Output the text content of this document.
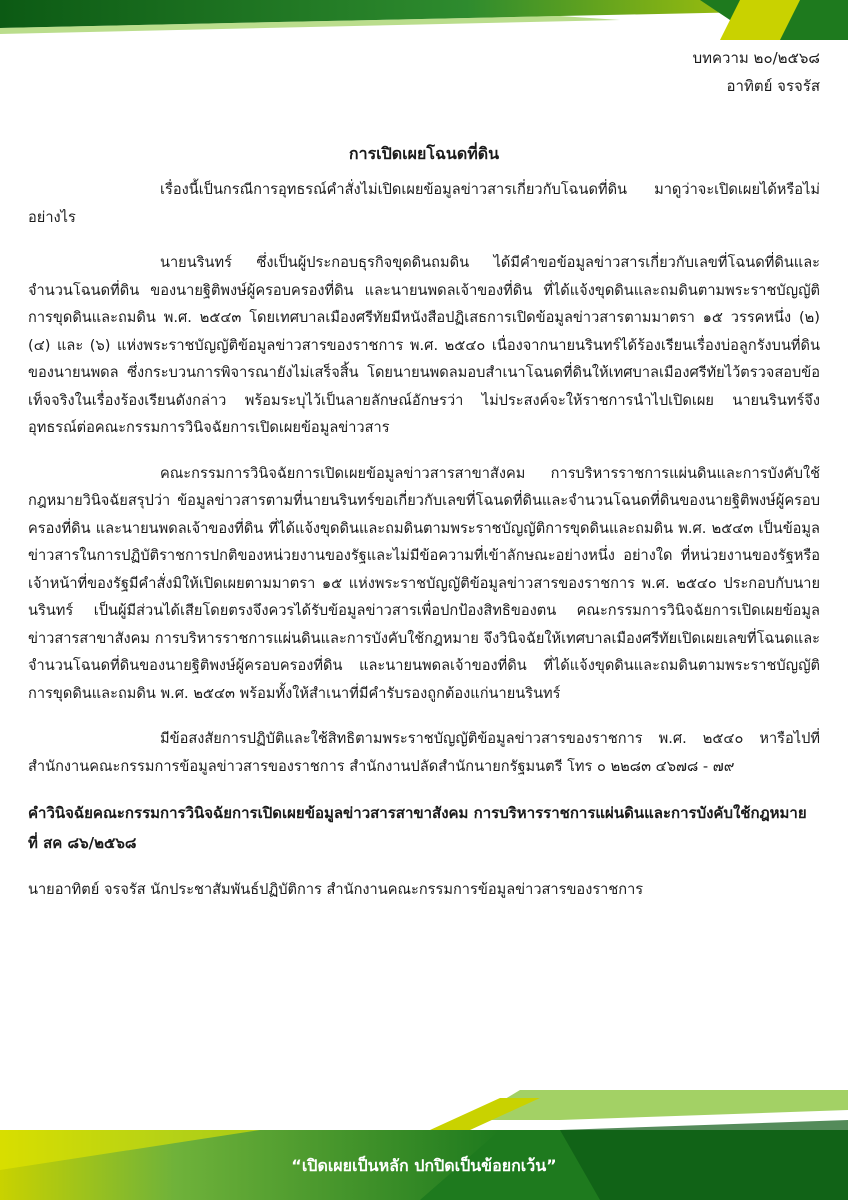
บทความ ๒๐/๒๕๖๘
อาทิตย์ จรจรัส
การเปิดเผยโฉนดที่ดิน

เรื่องนี้เป็นกรณีการอุทธรณ์คำสั่งไม่เปิดเผยข้อมูลข่าวสารเกี่ยวกับโฉนดที่ดิน มาดูว่าจะเปิดเผยได้หรือไม่ อย่างไร

นายนรินทร์ ซึ่งเป็นผู้ประกอบธุรกิจขุดดินถมดิน ได้มีคำขอข้อมูลข่าวสารเกี่ยวกับเลขที่โฉนดที่ดินและจำนวนโฉนดที่ดิน ของนายฐิติพงษ์ผู้ครอบครองที่ดิน และนายนพดลเจ้าของที่ดิน ที่ได้แจ้งขุดดินและถมดินตามพระราชบัญญัติการขุดดินและถมดิน พ.ศ. ๒๕๔๓ โดยเทศบาลเมืองศรีทัยมีหนังสือปฏิเสธการเปิดข้อมูลข่าวสารตามมาตรา ๑๕ วรรคหนึ่ง (๒) (๔) และ (๖) แห่งพระราชบัญญัติข้อมูลข่าวสารของราชการ พ.ศ. ๒๕๔๐ เนื่องจากนายนรินทร์ได้ร้องเรียนเรื่องบ่อลูกรังบนที่ดินของนายนพดล ซึ่งกระบวนการพิจารณายังไม่เสร็จสิ้น โดยนายนพดลมอบสำเนาโฉนดที่ดินให้เทศบาลเมืองศรีทัยไว้ตรวจสอบข้อเท็จจริงในเรื่องร้องเรียนดังกล่าว พร้อมระบุไว้เป็นลายลักษณ์อักษรว่า ไม่ประสงค์จะให้ราชการนำไปเปิดเผย นายนรินทร์จึงอุทธรณ์ต่อคณะกรรมการวินิจฉัยการเปิดเผยข้อมูลข่าวสาร

คณะกรรมการวินิจฉัยการเปิดเผยข้อมูลข่าวสารสาขาสังคม การบริหารราชการแผ่นดินและการบังคับใช้กฎหมายวินิจฉัยสรุปว่า ข้อมูลข่าวสารตามที่นายนรินทร์ขอเกี่ยวกับเลขที่โฉนดที่ดินและจำนวนโฉนดที่ดินของนายฐิติพงษ์ผู้ครอบครองที่ดิน และนายนพดลเจ้าของที่ดิน ที่ได้แจ้งขุดดินและถมดินตามพระราชบัญญัติการขุดดินและถมดิน พ.ศ. ๒๕๔๓ เป็นข้อมูลข่าวสารในการปฏิบัติราชการปกติของหน่วยงานของรัฐและไม่มีข้อความที่เข้าลักษณะอย่างหนึ่ง อย่างใด ที่หน่วยงานของรัฐหรือเจ้าหน้าที่ของรัฐมีคำสั่งมิให้เปิดเผยตามมาตรา ๑๕ แห่งพระราชบัญญัติข้อมูลข่าวสารของราชการ พ.ศ. ๒๕๔๐ ประกอบกับนายนรินทร์ เป็นผู้มีส่วนได้เสียโดยตรงจึงควรได้รับข้อมูลข่าวสารเพื่อปกป้องสิทธิของตน คณะกรรมการวินิจฉัยการเปิดเผยข้อมูลข่าวสารสาขาสังคม การบริหารราชการแผ่นดินและการบังคับใช้กฎหมาย จึงวินิจฉัยให้เทศบาลเมืองศรีทัยเปิดเผยเลขที่โฉนดและจำนวนโฉนดที่ดินของนายฐิติพงษ์ผู้ครอบครองที่ดิน และนายนพดลเจ้าของที่ดิน ที่ได้แจ้งขุดดินและถมดินตามพระราชบัญญัติการขุดดินและถมดิน พ.ศ. ๒๕๔๓ พร้อมทั้งให้สำเนาที่มีคำรับรองถูกต้องแก่นายนรินทร์

มีข้อสงสัยการปฏิบัติและใช้สิทธิตามพระราชบัญญัติข้อมูลข่าวสารของราชการ พ.ศ. ๒๕๔๐ หารือไปที่ สำนักงานคณะกรรมการข้อมูลข่าวสารของราชการ สำนักงานปลัดสำนักนายกรัฐมนตรี โทร ๐ ๒๒๘๓ ๔๖๗๘ - ๗๙

คำวินิจฉัยคณะกรรมการวินิจฉัยการเปิดเผยข้อมูลข่าวสารสาขาสังคม การบริหารราชการแผ่นดินและการบังคับใช้กฎหมาย ที่ สค ๘๖/๒๕๖๘

นายอาทิตย์ จรจรัส นักประชาสัมพันธ์ปฏิบัติการ สำนักงานคณะกรรมการข้อมูลข่าวสารของราชการ

“เปิดเผยเป็นหลัก ปกปิดเป็นข้อยกเว้น”
